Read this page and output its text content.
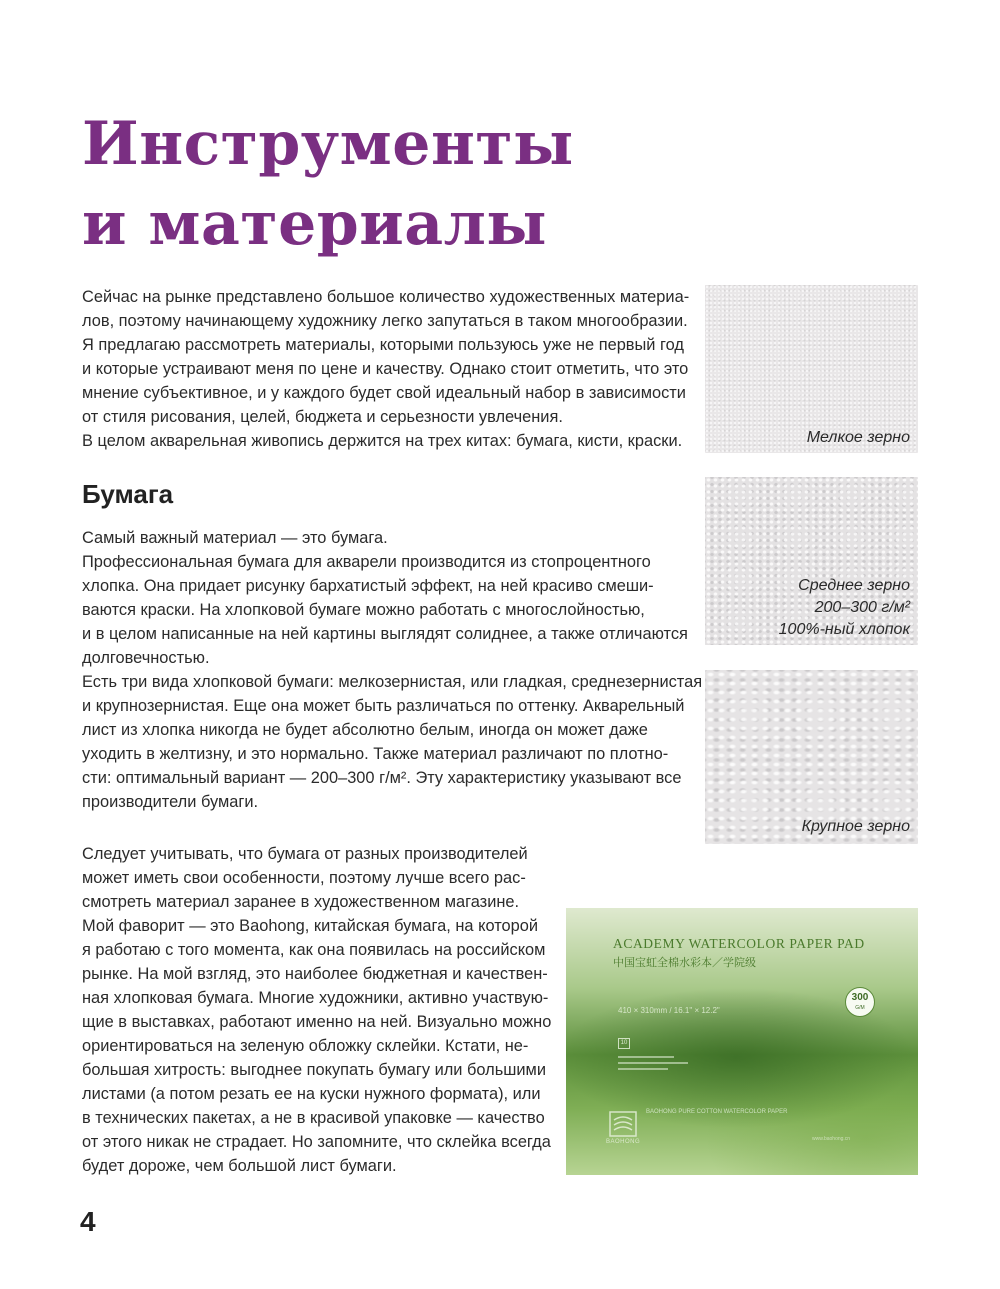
Инструменты
и материалы

Сейчас на рынке представлено большое количество художественных материа-
лов, поэтому начинающему художнику легко запутаться в таком многообразии.
Я предлагаю рассмотреть материалы, которыми пользуюсь уже не первый год
и которые устраивают меня по цене и качеству. Однако стоит отметить, что это
мнение субъективное, и у каждого будет свой идеальный набор в зависимости
от стиля рисования, целей, бюджета и серьезности увлечения.
В целом акварельная живопись держится на трех китах: бумага, кисти, краски.

Бумага

Самый важный материал — это бумага.
Профессиональная бумага для акварели производится из стопроцентного
хлопка. Она придает рисунку бархатистый эффект, на ней красиво смеши-
ваются краски. На хлопковой бумаге можно работать с многослойностью,
и в целом написанные на ней картины выглядят солиднее, а также отличаются
долговечностью.
Есть три вида хлопковой бумаги: мелкозернистая, или гладкая, среднезернистая
и крупнозернистая. Еще она может быть различаться по оттенку. Акварельный
лист из хлопка никогда не будет абсолютно белым, иногда он может даже
уходить в желтизну, и это нормально. Также материал различают по плотно-
сти: оптимальный вариант — 200–300 г/м². Эту характеристику указывают все
производители бумаги.

Следует учитывать, что бумага от разных производителей
может иметь свои особенности, поэтому лучше всего рас-
смотреть материал заранее в художественном магазине.
Мой фаворит — это Baohong, китайская бумага, на которой
я работаю с того момента, как она появилась на российском
рынке. На мой взгляд, это наиболее бюджетная и качествен-
ная хлопковая бумага. Многие художники, активно участвую-
щие в выставках, работают именно на ней. Визуально можно
ориентироваться на зеленую обложку склейки. Кстати, не-
большая хитрость: выгоднее покупать бумагу или большими
листами (а потом резать ее на куски нужного формата), или
в технических пакетах, а не в красивой упаковке — качество
от этого никак не страдает. Но запомните, что склейка всегда
будет дороже, чем большой лист бумаги.

Мелкое зерно
Среднее зерно
200–300 г/м²
100%-ный хлопок
Крупное зерно
ACADEMY WATERCOLOR PAPER PAD
中国宝虹全棉水彩本／学院级
300
G/M
410 × 310mm / 16.1" × 12.2"
10
BAOHONG PURE COTTON WATERCOLOR PAPER
BAOHONG	www.baohong.cn
4
